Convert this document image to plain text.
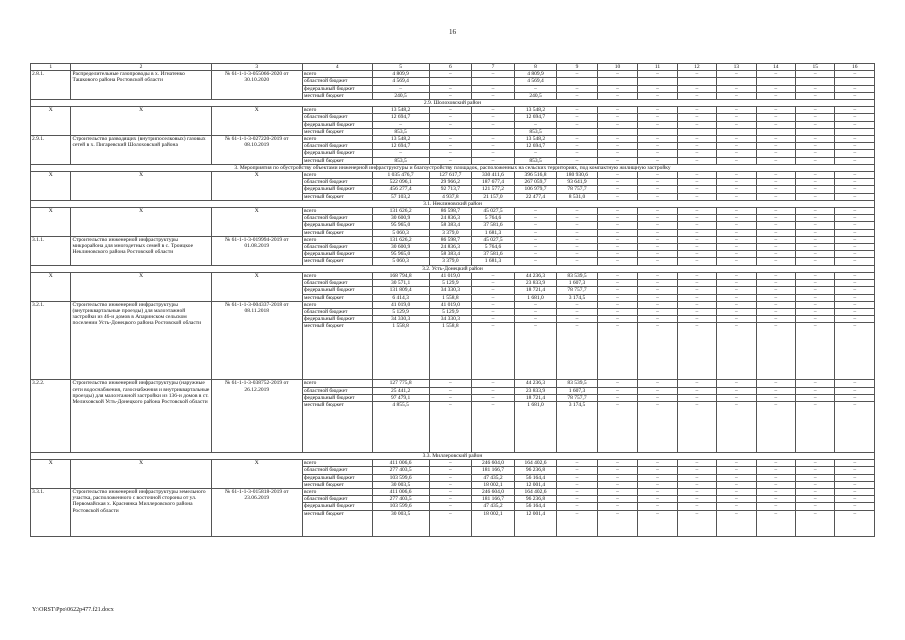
16
1	2	3	4	5	6	7	8	9	10	11	12	13	14	15	16
2.8.1.	Распределительные газопроводы в х. Игнатенко Ташкового района Ростовской области	№ 61-1-1-3-055066-2020 от 30.10.2020	всего	4 809,9	–	–	4 809,9	–	–	–	–	–	–	–	–
			областной бюджет	4 569,4			4 569,4								
			федеральный бюджет	–	–	–	–	–	–	–	–	–	–	–	–
			местный бюджет	240,5	–	–	240,5	–	–	–	–	–	–	–	–
2.9. Шолоховский район															
Х	Х	Х	всего	13 548,2	–	–	13 548,2	–	–	–	–	–	–	–	–
			областной бюджет	12 694,7	–	–	12 694,7	–	–	–	–	–	–	–	–
			федеральный бюджет	–	–	–	–	–	–	–	–	–	–	–	–
			местный бюджет	853,5			853,5								
2.9.1.	Строительство разводящих (внутрипоселковых) газовых сетей в х. Пигаревский Шолоховский района	№ 61-1-1-3-027220-2019 от 08.10.2019	всего	13 548,2	–	–	13 548,2	–	–	–	–	–	–	–	–
			областной бюджет	12 694,7	–	–	12 694,7	–	–	–	–	–	–	–	–
			федеральный бюджет	–	–	–	–	–	–	–	–	–	–	–	–
			местный бюджет	853,5	–	–	853,5	–	–	–	–	–	–	–	–
3. Мероприятия по обустройству объектами инженерной инфраструктуры и благоустройству площадок, расположенных на сельских территориях, под компактную жилищную застройку															
Х	Х	Х	всего	1 035 476,7	127 617,7	330 411,6	396 516,8	180 930,6	–	–	–	–	–	–	–
			областной бюджет	522 096,1	29 966,2	187 677,4	267 059,7	93 641,9	–	–	–	–	–	–	–
			федеральный бюджет	456 277,4	92 713,7	121 577,2	106 979,7	78 757,7	–	–	–	–	–	–	–
			местный бюджет	57 103,2	4 937,8	21 157,0	22 477,4	8 531,0	–	–	–	–	–	–	–
3.1. Неклиновский район															
Х	Х	Х	всего	131 626,2	86 598,7	45 027,5	–	–	–	–	–	–	–	–	–
			областной бюджет	30 600,9	24 836,3	5 764,6	–	–	–	–	–	–	–	–	–
			федеральный бюджет	95 965,0	58 383,4	37 581,6	–	–	–	–	–	–	–	–	–
			местный бюджет	5 060,3	3 379,0	1 681,3	–	–	–	–	–	–	–	–	–
3.1.1.	Строительство инженерной инфраструктуры микрорайона для многодетных семей в с. Троицкое Неклиновского района Ростовской области	№ 61-1-1-3-019994-2019 от 01.08.2019	всего	131 626,2	86 598,7	45 027,5	–	–	–	–	–	–	–	–	–
			областной бюджет	30 600,9	24 836,3	5 764,6	–	–	–	–	–	–	–	–	–
			федеральный бюджет	95 965,0	58 383,4	37 581,6	–	–	–	–	–	–	–	–	–
			местный бюджет	5 060,3	3 379,0	1 681,3	–	–	–	–	–	–	–	–	–
3.2. Усть-Донецкий район															
Х	Х	Х	всего	168 794,8	41 019,0	–	44 236,3	83 539,5	–	–	–	–	–	–	–
			областной бюджет	30 571,1	5 129,9	–	23 833,9	1 607,3	–	–	–	–	–	–	–
			федеральный бюджет	131 809,4	34 330,3	–	18 721,4	78 757,7	–	–	–	–	–	–	–
			местный бюджет	6 414,3	1 558,8	–	1 681,0	3 174,5	–	–	–	–	–	–	–
3.2.1.	Строительство инженерной инфраструктуры (внутриквартальные проезды) для малоэтажной застройки из 46-и домов в Апаринском сельском поселении Усть-Донецкого района Ростовской области	№ 61-1-1-3-004337-2018 от 08.11.2018	всего	41 019,0	41 019,0	–	–	–	–	–	–	–	–	–	–
			областной бюджет	5 129,9	5 129,9	–	–	–	–	–	–	–	–	–	–
			федеральный бюджет	34 330,3	34 330,3	–	–	–	–	–	–	–	–	–	–
			местный бюджет	1 558,8	1 558,8	–	–	–	–	–	–	–	–	–	–
3.2.2.	Строительство инженерной инфраструктуры (наружные сети водоснабжения, газоснабжения и внутриквартальные проезды) для малоэтажной застройки из 136-и домов в ст. Мелиховской Усть-Донецкого района Ростовской области	№ 61-1-1-3-038752-2019 от 26.12.2019	всего	127 775,8	–	–	44 236,3	83 539,5	–	–	–	–	–	–	–
			областной бюджет	25 441,2	–	–	23 833,9	1 607,3	–	–	–	–	–	–	–
			федеральный бюджет	97 479,1	–	–	18 721,4	78 757,7	–	–	–	–	–	–	–
			местный бюджет	4 855,5	–	–	1 681,0	3 174,5	–	–	–	–	–	–	–
3.3. Миллеровский район															
Х	Х	Х	всего	411 006,6	–	246 604,0	164 402,6	–	–	–	–	–	–	–	–
			областной бюджет	277 403,5	–	181 166,7	96 236,8	–	–	–	–	–	–	–	–
			федеральный бюджет	103 599,6	–	47 435,2	56 164,4	–	–	–	–	–	–	–	–
			местный бюджет	30 003,5	–	18 002,1	12 001,4	–	–	–	–	–	–	–	–
3.3.1.	Строительство инженерной инфраструктуры земельного участка, расположенного с восточной стороны от ул. Первомайская х. Краснянка Миллеровского района Ростовской области	№ 61-1-1-3-015818-2019 от 23.06.2019	всего	411 006,6	–	246 604,0	164 402,6	–	–	–	–	–	–	–	–
			областной бюджет	277 403,5	–	181 166,7	96 236,8	–	–	–	–	–	–	–	–
			федеральный бюджет	103 599,6	–	47 435,2	56 164,4	–	–	–	–	–	–	–	–
			местный бюджет	30 003,5	–	18 002,1	12 001,4	–	–	–	–	–	–	–	–
Y:\ORST\Ppo\0622p477.f21.docx
